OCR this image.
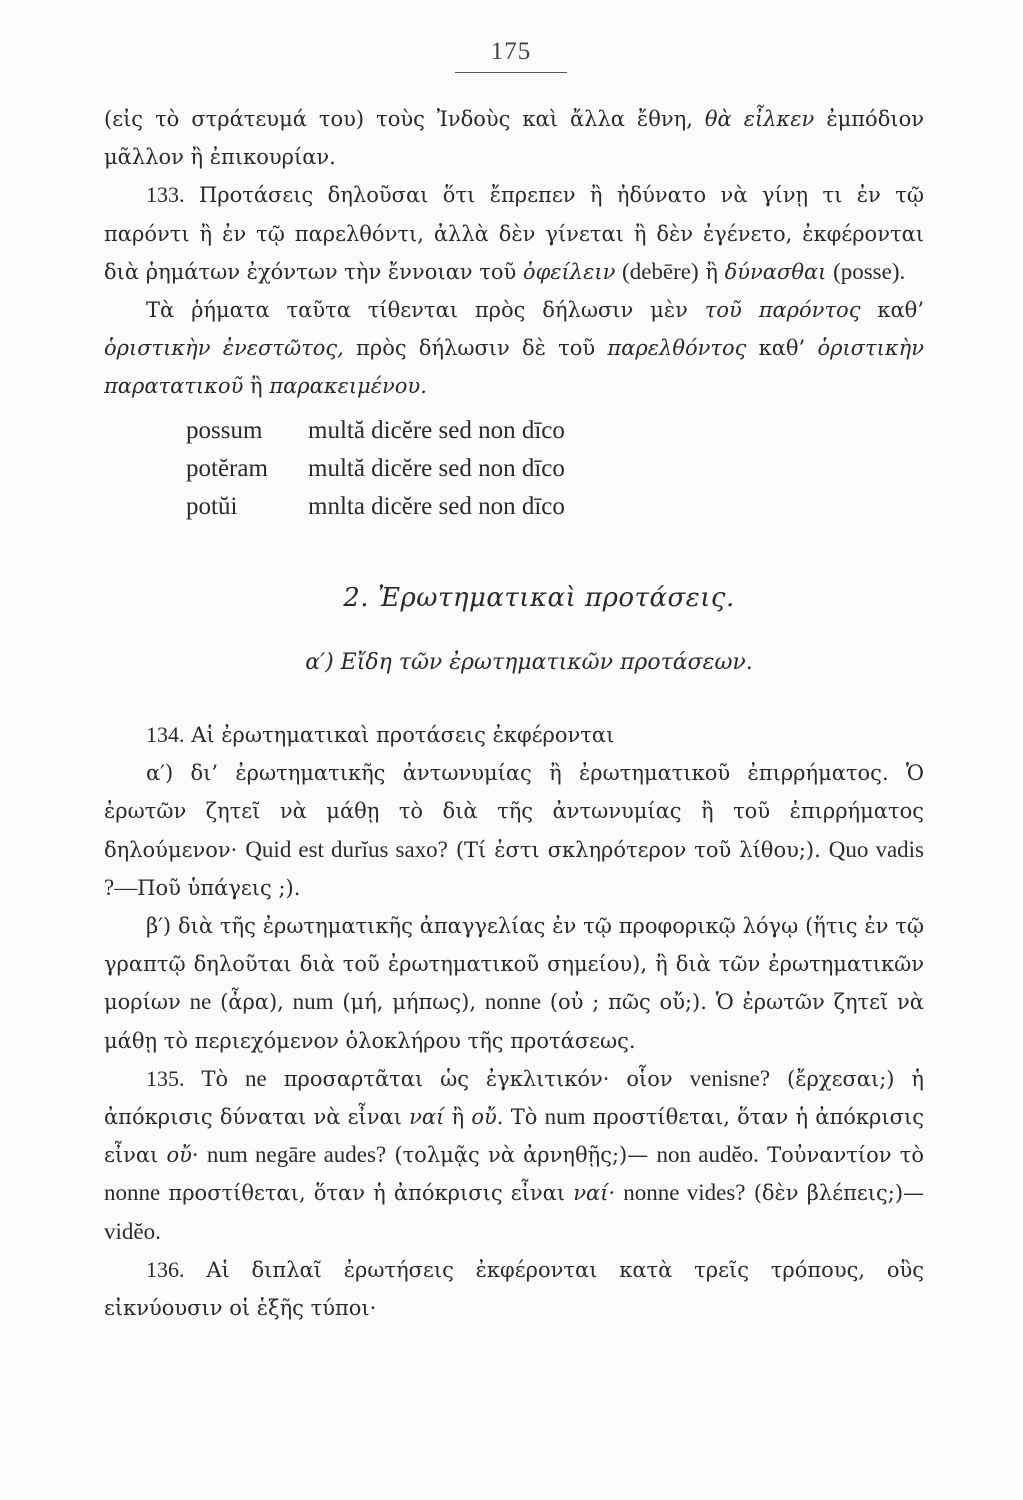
175

(εἰς τὸ στράτευμά του) τοὺς Ἰνδοὺς καὶ ἄλλα ἔθνη, θὰ εἶλκεν ἐμπόδιον μᾶλλον ἢ ἐπικουρίαν.

133. Προτάσεις δηλοῦσαι ὅτι ἔπρεπεν ἢ ἠδύνατο νὰ γίνῃ τι ἐν τῷ παρόντι ἢ ἐν τῷ παρελθόντι, ἀλλὰ δὲν γίνεται ἢ δὲν ἐγένετο, ἐκφέρονται διὰ ῥημάτων ἐχόντων τὴν ἔννοιαν τοῦ ὀφείλειν (debēre) ἢ δύνασθαι (posse).

Τὰ ῥήματα ταῦτα τίθενται πρὸς δήλωσιν μὲν τοῦ παρόντος καθ’ ὁριστικὴν ἐνεστῶτος, πρὸς δήλωσιν δὲ τοῦ παρελθόντος καθ’ ὁριστικὴν παρατατικοῦ ἢ παρακειμένου.

possum	multă dicĕre sed non dīco
potĕram	multă dicĕre sed non dīco
potŭi	mnlta dicĕre sed non dīco
2. Ἐρωτηματικαὶ προτάσεις.
α′) Εἴδη τῶν ἐρωτηματικῶν προτάσεων.

134. Αἱ ἐρωτηματικαὶ προτάσεις ἐκφέρονται

α′) δι’ ἐρωτηματικῆς ἀντωνυμίας ἢ ἐρωτηματικοῦ ἐπιρρήματος. Ὁ ἐρωτῶν ζητεῖ νὰ μάθῃ τὸ διὰ τῆς ἀντωνυμίας ἢ τοῦ ἐπιρρήματος δηλούμενον· Quid est durĭus saxo? (Τί ἐστι σκληρότερον τοῦ λίθου;). Quo vadis ?—Ποῦ ὑπάγεις ;).

β′) διὰ τῆς ἐρωτηματικῆς ἀπαγγελίας ἐν τῷ προφορικῷ λόγῳ (ἥτις ἐν τῷ γραπτῷ δηλοῦται διὰ τοῦ ἐρωτηματικοῦ σημείου), ἢ διὰ τῶν ἐρωτηματικῶν μορίων ne (ἆρα), num (μή, μήπως), nonne (οὐ ; πῶς οὔ;). Ὁ ἐρωτῶν ζητεῖ νὰ μάθῃ τὸ περιεχόμενον ὁλοκλήρου τῆς προτάσεως.

135. Τὸ ne προσαρτᾶται ὡς ἐγκλιτικόν· οἷον venisne? (ἔρχεσαι;) ἡ ἀπόκρισις δύναται νὰ εἶναι ναί ἢ οὔ. Τὸ num προστίθεται, ὅταν ἡ ἀπόκρισις εἶναι οὔ· num negāre audes? (τολμᾷς νὰ ἀρνηθῇς;)— non audĕo. Τοὐναντίον τὸ nonne προστίθεται, ὅταν ἡ ἀπόκρισις εἶναι ναί· nonne vides? (δὲν βλέπεις;)—vidĕo.

136. Αἱ διπλαῖ ἐρωτήσεις ἐκφέρονται κατὰ τρεῖς τρόπους, οὓς εἰκνύουσιν οἱ ἑξῆς τύποι·
